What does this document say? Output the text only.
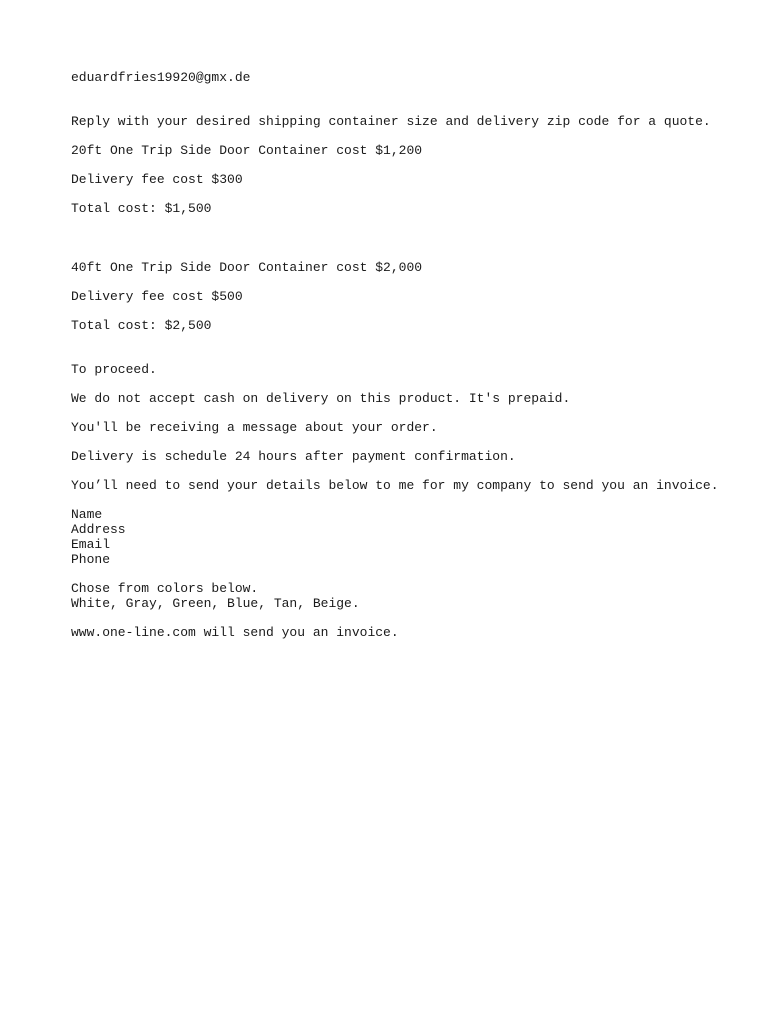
eduardfries19920@gmx.de
Reply with your desired shipping container size and delivery zip code for a quote.
20ft One Trip Side Door Container cost $1,200
Delivery fee cost $300
Total cost: $1,500
40ft One Trip Side Door Container cost $2,000
Delivery fee cost $500
Total cost: $2,500
To proceed.
We do not accept cash on delivery on this product. It's prepaid.
You'll be receiving a message about your order.
Delivery is schedule 24 hours after payment confirmation.
You’ll need to send your details below to me for my company to send you an invoice.
Name
Address
Email
Phone
Chose from colors below.
White, Gray, Green, Blue, Tan, Beige.
www.one-line.com will send you an invoice.
